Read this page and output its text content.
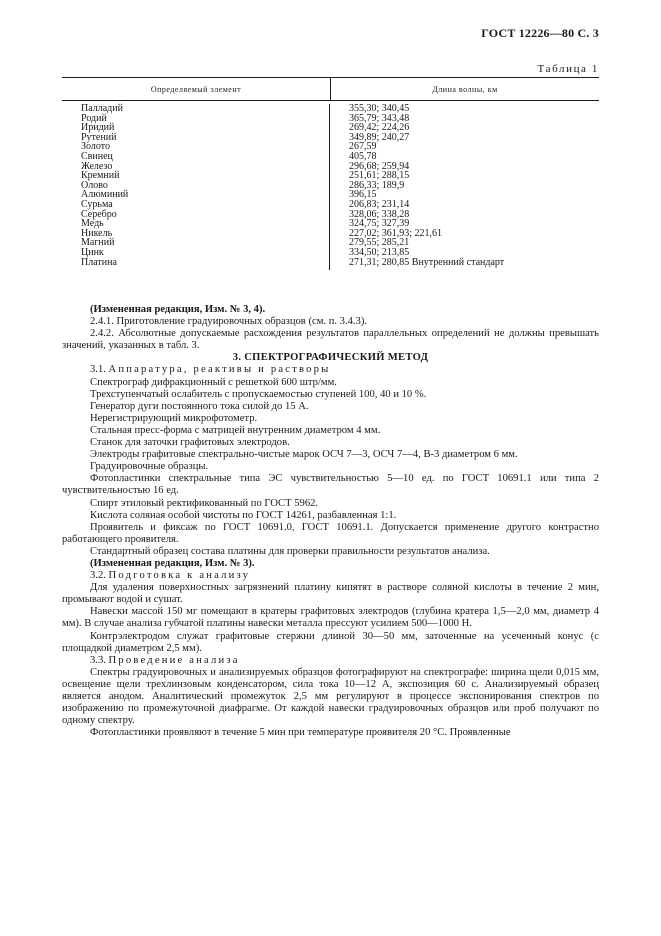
ГОСТ 12226—80 С. 3
Таблица 1
Определяемый элемент	Длина волны, км
Палладий
Родий
Иридий
Рутений
Золото
Свинец
Железо
Кремний
Олово
Алюминий
Сурьма
Серебро
Медь
Никель
Магний
Цинк
Платина
355,30; 340,45
365,79; 343,48
269,42; 224,26
349,89; 240,27
267,59
405,78
296,68; 259,94
251,61; 288,15
286,33; 189,9
396,15
206,83; 231,14
328,06; 338,28
324,75; 327,39
227,02; 361,93; 221,61
279,55; 285,21
334,50; 213,85
271,31; 280,85 Внутренний стандарт

(Измененная редакция, Изм. № 3, 4).

2.4.1. Приготовление градуировочных образцов (см. п. 3.4.3).

2.4.2. Абсолютные допускаемые расхождения результатов параллельных определений не должны превышать значений, указанных в табл. 3.

3. СПЕКТРОГРАФИЧЕСКИЙ МЕТОД

3.1. Аппаратура, реактивы и растворы

Спектрограф дифракционный с решеткой 600 штр/мм.

Трехступенчатый ослабитель с пропускаемостью ступеней 100, 40 и 10 %.

Генератор дуги постоянного тока силой до 15 А.

Нерегистрирующий микрофотометр.

Стальная пресс-форма с матрицей внутренним диаметром 4 мм.

Станок для заточки графитовых электродов.

Электроды графитовые спектрально-чистые марок ОСЧ 7—3, ОСЧ 7—4, В-3 диаметром 6 мм.

Градуировочные образцы.

Фотопластинки спектральные типа ЭС чувствительностью 5—10 ед. по ГОСТ 10691.1 или типа 2 чувствительностью 16 ед.

Спирт этиловый ректификованный по ГОСТ 5962.

Кислота соляная особой чистоты по ГОСТ 14261, разбавленная 1:1.

Проявитель и фиксаж по ГОСТ 10691.0, ГОСТ 10691.1. Допускается применение другого контрастно работающего проявителя.

Стандартный образец состава платины для проверки правильности результатов анализа.

(Измененная редакция, Изм. № 3).

3.2. Подготовка к анализу

Для удаления поверхностных загрязнений платину кипятят в растворе соляной кислоты в течение 2 мин, промывают водой и сушат.

Навески массой 150 мг помещают в кратеры графитовых электродов (глубина кратера 1,5—2,0 мм, диаметр 4 мм). В случае анализа губчатой платины навески металла прессуют усилием 500—1000 Н.

Контрэлектродом служат графитовые стержни длиной 30—50 мм, заточенные на усеченный конус (с площадкой диаметром 2,5 мм).

3.3. Проведение анализа

Спектры градуировочных и анализируемых образцов фотографируют на спектрографе: ширина щели 0,015 мм, освещение щели трехлинзовым конденсатором, сила тока 10—12 А, экспозиция 60 с. Анализируемый образец является анодом. Аналитический промежуток 2,5 мм регулируют в процессе экспонирования спектров по изображению по промежуточной диафрагме. От каждой навески градуировочных образцов или проб получают по одному спектру.

Фотопластинки проявляют в течение 5 мин при температуре проявителя 20 °С. Проявленные
